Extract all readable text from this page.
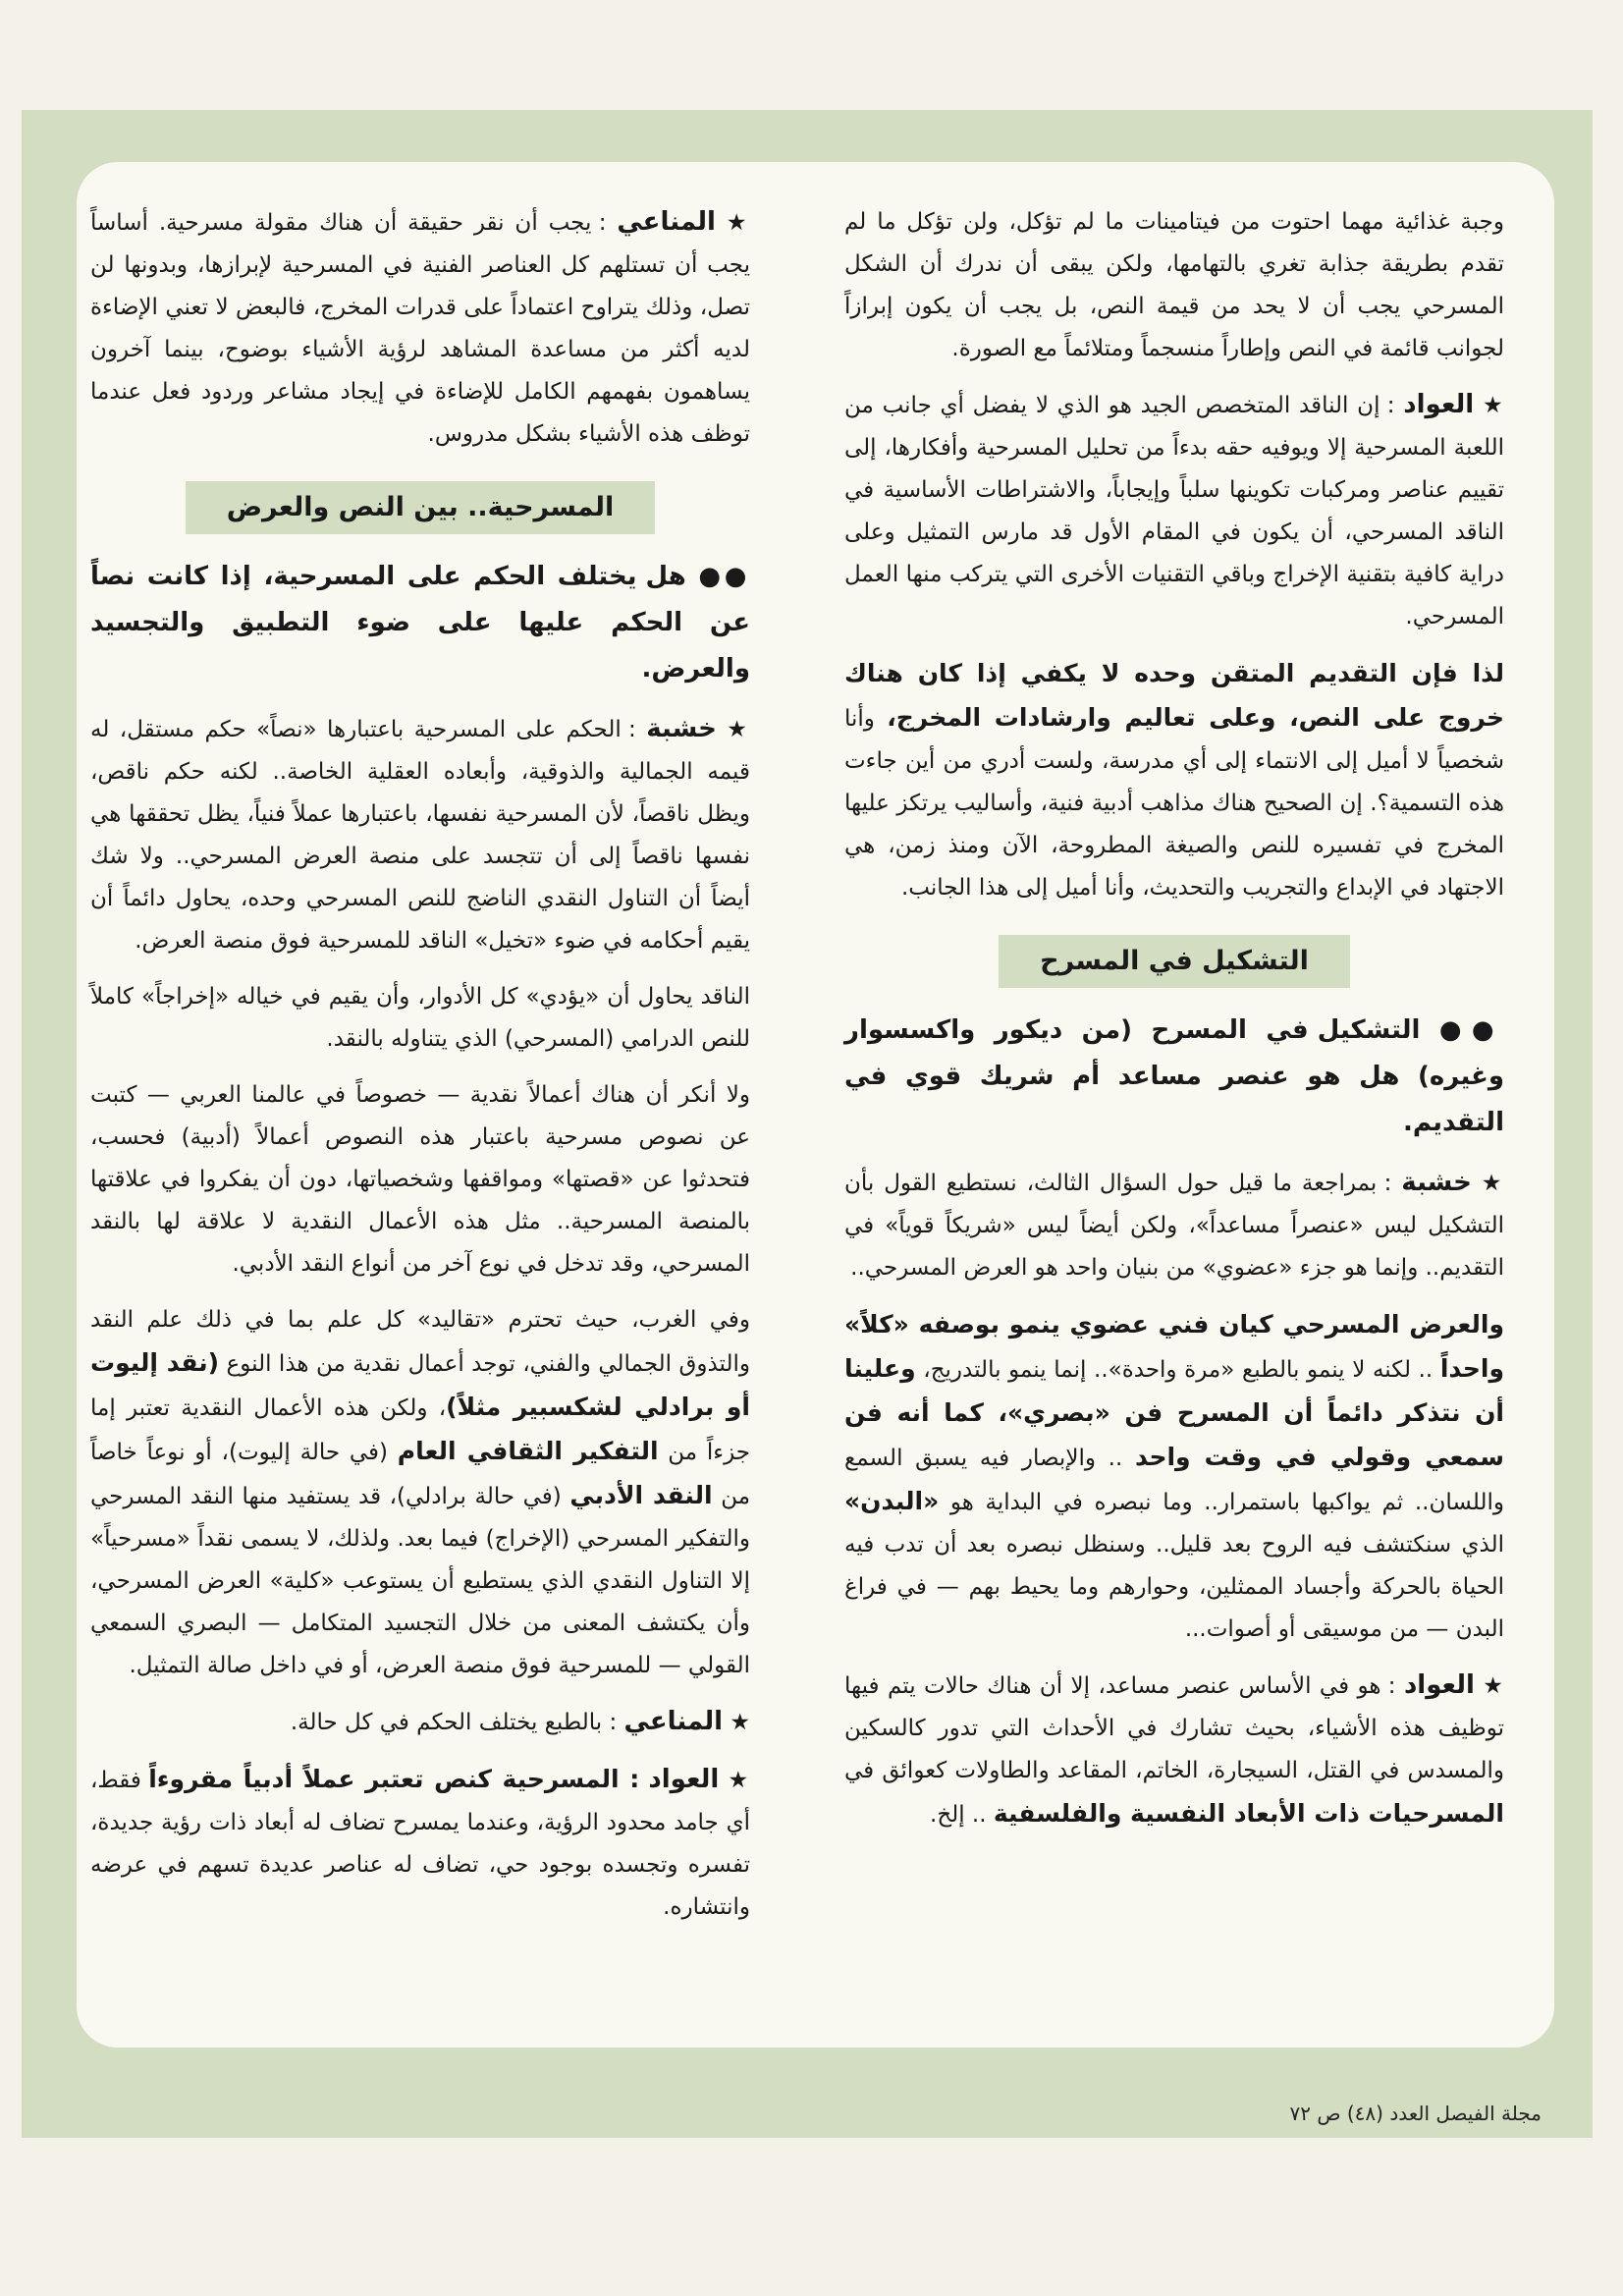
وجبة غذائية مهما احتوت من فيتامينات ما لم تؤكل، ولن تؤكل ما لم تقدم بطريقة جذابة تغري بالتهامها، ولكن يبقى أن ندرك أن الشكل المسرحي يجب أن لا يحد من قيمة النص، بل يجب أن يكون إبرازاً لجوانب قائمة في النص وإطاراً منسجماً ومتلائماً مع الصورة.

★ العواد : إن الناقد المتخصص الجيد هو الذي لا يفضل أي جانب من اللعبة المسرحية إلا ويوفيه حقه بدءاً من تحليل المسرحية وأفكارها، إلى تقييم عناصر ومركبات تكوينها سلباً وإيجاباً، والاشتراطات الأساسية في الناقد المسرحي، أن يكون في المقام الأول قد مارس التمثيل وعلى دراية كافية بتقنية الإخراج وباقي التقنيات الأخرى التي يتركب منها العمل المسرحي.

لذا فإن التقديم المتقن وحده لا يكفي إذا كان هناك خروج على النص، وعلى تعاليم وارشادات المخرج، وأنا شخصياً لا أميل إلى الانتماء إلى أي مدرسة، ولست أدري من أين جاءت هذه التسمية؟. إن الصحيح هناك مذاهب أدبية فنية، وأساليب يرتكز عليها المخرج في تفسيره للنص والصيغة المطروحة، الآن ومنذ زمن، هي الاجتهاد في الإبداع والتجريب والتحديث، وأنا أميل إلى هذا الجانب.

التشكيل في المسرح

●● التشكيل في المسرح (من ديكور واكسسوار وغيره) هل هو عنصر مساعد أم شريك قوي في التقديم.

★ خشبة : بمراجعة ما قيل حول السؤال الثالث، نستطيع القول بأن التشكيل ليس «عنصراً مساعداً»، ولكن أيضاً ليس «شريكاً قوياً» في التقديم.. وإنما هو جزء «عضوي» من بنيان واحد هو العرض المسرحي..

والعرض المسرحي كيان فني عضوي ينمو بوصفه «كلاً» واحداً .. لكنه لا ينمو بالطبع «مرة واحدة».. إنما ينمو بالتدريج، وعلينا أن نتذكر دائماً أن المسرح فن «بصري»، كما أنه فن سمعي وقولي في وقت واحد .. والإبصار فيه يسبق السمع واللسان.. ثم يواكبها باستمرار.. وما نبصره في البداية هو «البدن» الذي سنكتشف فيه الروح بعد قليل.. وسنظل نبصره بعد أن تدب فيه الحياة بالحركة وأجساد الممثلين، وحوارهم وما يحيط بهم — في فراغ البدن — من موسيقى أو أصوات...

★ العواد : هو في الأساس عنصر مساعد، إلا أن هناك حالات يتم فيها توظيف هذه الأشياء، بحيث تشارك في الأحداث التي تدور كالسكين والمسدس في القتل، السيجارة، الخاتم، المقاعد والطاولات كعوائق في المسرحيات ذات الأبعاد النفسية والفلسفية .. إلخ.

★ المناعي : يجب أن نقر حقيقة أن هناك مقولة مسرحية. أساساً يجب أن تستلهم كل العناصر الفنية في المسرحية لإبرازها، وبدونها لن تصل، وذلك يتراوح اعتماداً على قدرات المخرج، فالبعض لا تعني الإضاءة لديه أكثر من مساعدة المشاهد لرؤية الأشياء بوضوح، بينما آخرون يساهمون بفهمهم الكامل للإضاءة في إيجاد مشاعر وردود فعل عندما توظف هذه الأشياء بشكل مدروس.

المسرحية.. بين النص والعرض

●● هل يختلف الحكم على المسرحية، إذا كانت نصاً عن الحكم عليها على ضوء التطبيق والتجسيد والعرض.

★ خشبة : الحكم على المسرحية باعتبارها «نصاً» حكم مستقل، له قيمه الجمالية والذوقية، وأبعاده العقلية الخاصة.. لكنه حكم ناقص، ويظل ناقصاً، لأن المسرحية نفسها، باعتبارها عملاً فنياً، يظل تحققها هي نفسها ناقصاً إلى أن تتجسد على منصة العرض المسرحي.. ولا شك أيضاً أن التناول النقدي الناضج للنص المسرحي وحده، يحاول دائماً أن يقيم أحكامه في ضوء «تخيل» الناقد للمسرحية فوق منصة العرض.

الناقد يحاول أن «يؤدي» كل الأدوار، وأن يقيم في خياله «إخراجاً» كاملاً للنص الدرامي (المسرحي) الذي يتناوله بالنقد.

ولا أنكر أن هناك أعمالاً نقدية — خصوصاً في عالمنا العربي — كتبت عن نصوص مسرحية باعتبار هذه النصوص أعمالاً (أدبية) فحسب، فتحدثوا عن «قصتها» ومواقفها وشخصياتها، دون أن يفكروا في علاقتها بالمنصة المسرحية.. مثل هذه الأعمال النقدية لا علاقة لها بالنقد المسرحي، وقد تدخل في نوع آخر من أنواع النقد الأدبي.

وفي الغرب، حيث تحترم «تقاليد» كل علم بما في ذلك علم النقد والتذوق الجمالي والفني، توجد أعمال نقدية من هذا النوع (نقد إليوت أو برادلي لشكسبير مثلاً)، ولكن هذه الأعمال النقدية تعتبر إما جزءاً من التفكير الثقافي العام (في حالة إليوت)، أو نوعاً خاصاً من النقد الأدبي (في حالة برادلي)، قد يستفيد منها النقد المسرحي والتفكير المسرحي (الإخراج) فيما بعد. ولذلك، لا يسمى نقداً «مسرحياً» إلا التناول النقدي الذي يستطيع أن يستوعب «كلية» العرض المسرحي، وأن يكتشف المعنى من خلال التجسيد المتكامل — البصري السمعي القولي — للمسرحية فوق منصة العرض، أو في داخل صالة التمثيل.

★ المناعي : بالطبع يختلف الحكم في كل حالة.

★ العواد : المسرحية كنص تعتبر عملاً أدبياً مقروءاً فقط، أي جامد محدود الرؤية، وعندما يمسرح تضاف له أبعاد ذات رؤية جديدة، تفسره وتجسده بوجود حي، تضاف له عناصر عديدة تسهم في عرضه وانتشاره.

مجلة الفيصل العدد (٤٨) ص ٧٢
